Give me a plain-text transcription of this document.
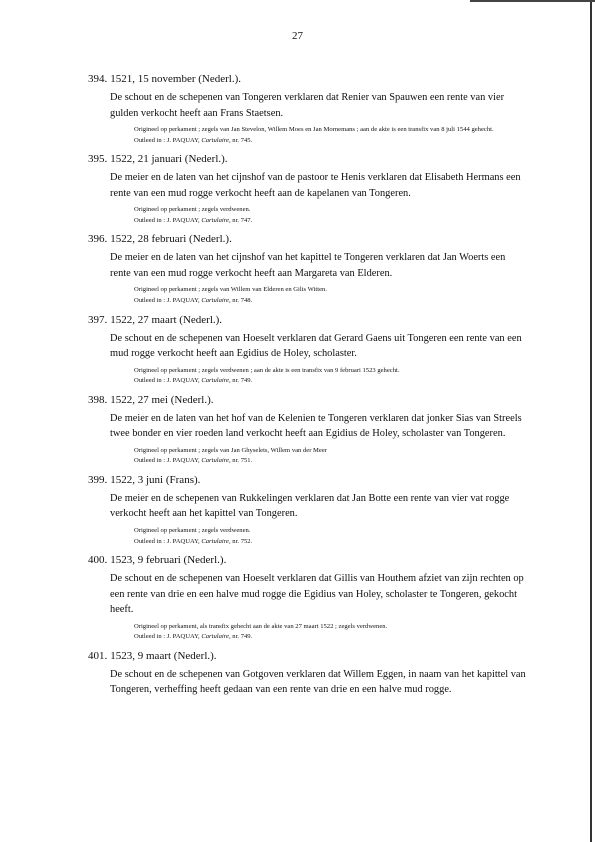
27
394. 1521, 15 november (Nederl.).
De schout en de schepenen van Tongeren verklaren dat Renier van Spauwen een rente van vier gulden verkocht heeft aan Frans Staetsen.

Origineel op perkament ; zegels van Jan Stevelon, Willem Moes en Jan Mornemans ; aan de akte is een transfix van 8 juli 1544 gehecht.

Outleed in : J. PAQUAY, Cartulaire, nr. 745.

395. 1522, 21 januari (Nederl.).
De meier en de laten van het cijnshof van de pastoor te Henis verklaren dat Elisabeth Hermans een rente van een mud rogge verkocht heeft aan de kapelanen van Tongeren.

Origineel op perkament ; zegels verdwenen.

Outleed in : J. PAQUAY, Cartulaire, nr. 747.

396. 1522, 28 februari (Nederl.).
De meier en de laten van het cijnshof van het kapittel te Tongeren verklaren dat Jan Woerts een rente van een mud rogge verkocht heeft aan Margareta van Elderen.

Origineel op perkament ; zegels van Willem van Elderen en Gilis Witten.

Outleed in : J. PAQUAY, Cartulaire, nr. 748.

397. 1522, 27 maart (Nederl.).
De schout en de schepenen van Hoeselt verklaren dat Gerard Gaens uit Tongeren een rente van een mud rogge verkocht heeft aan Egidius de Holey, scholaster.

Origineel op perkament ; zegels verdwenen ; aan de akte is een transfix van 9 februari 1523 gehecht.

Outleed in : J. PAQUAY, Cartulaire, nr. 749.

398. 1522, 27 mei (Nederl.).
De meier en de laten van het hof van de Kelenien te Tongeren verklaren dat jonker Sias van Streels twee bonder en vier roeden land verkocht heeft aan Egidius de Holey, scholaster van Tongeren.

Origineel op perkament ; zegels van Jan Ghyselets, Willem van der Meer

Outleed in : J. PAQUAY, Cartulaire, nr. 751.

399. 1522, 3 juni (Frans).
De meier en de schepenen van Rukkelingen verklaren dat Jan Botte een rente van vier vat rogge verkocht heeft aan het kapittel van Tongeren.

Origineel op perkament ; zegels verdwenen.

Outleed in : J. PAQUAY, Cartulaire, nr. 752.

400. 1523, 9 februari (Nederl.).
De schout en de schepenen van Hoeselt verklaren dat Gillis van Houthem afziet van zijn rechten op een rente van drie en een halve mud rogge die Egidius van Holey, scholaster te Tongeren, gekocht heeft.

Origineel op perkament, als transfix gehecht aan de akte van 27 maart 1522 ; zegels verdwenen.

Outleed in : J. PAQUAY, Cartulaire, nr. 749.

401. 1523, 9 maart (Nederl.).
De schout en de schepenen van Gotgoven verklaren dat Willem Eggen, in naam van het kapittel van Tongeren, verheffing heeft gedaan van een rente van drie en een halve mud rogge.
